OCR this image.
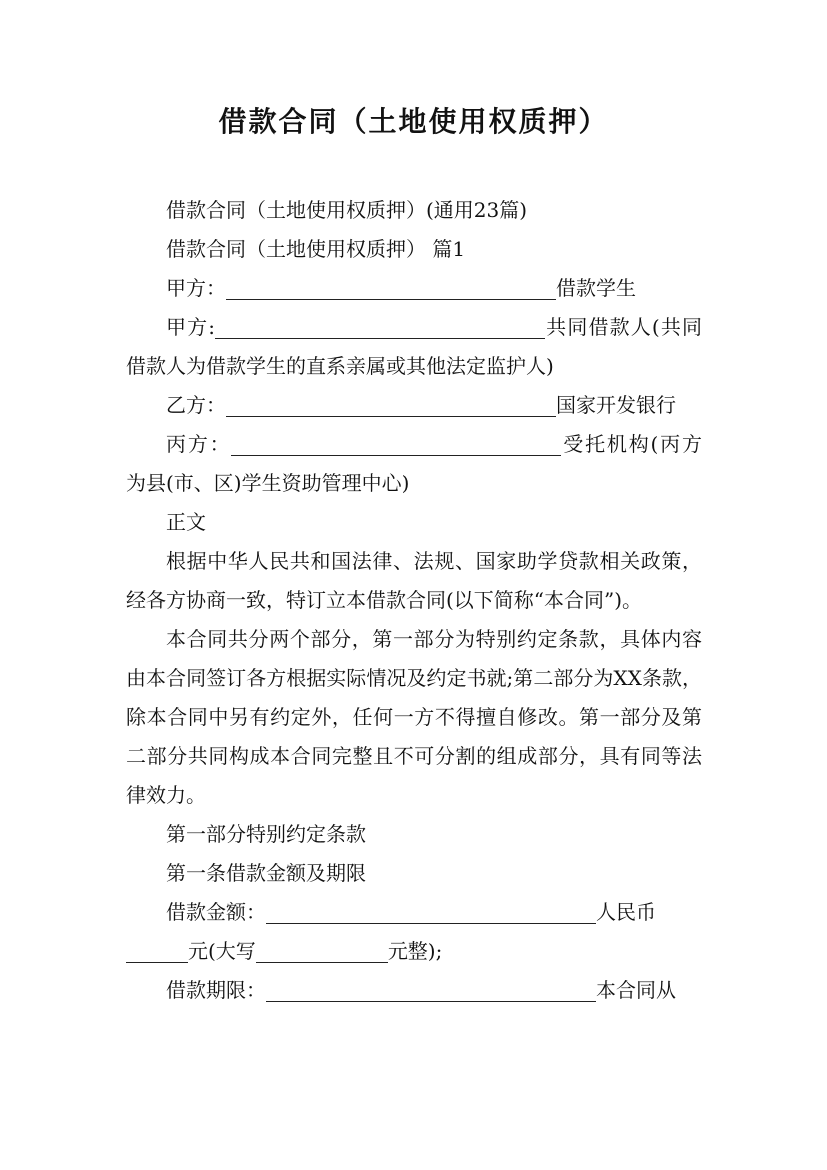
借款合同（土地使用权质押）

借款合同（土地使用权质押）(通用23篇)

借款合同（土地使用权质押） 篇1

甲方：	借款学生

甲方:	共同借款人(共同借款人为借款学生的直系亲属或其他法定监护人)

乙方：	国家开发银行

丙方：	受托机构(丙方为县(市、区)学生资助管理中心)

正文

根据中华人民共和国法律、法规、国家助学贷款相关政策，经各方协商一致，特订立本借款合同(以下简称“本合同”)。

本合同共分两个部分，第一部分为特别约定条款，具体内容由本合同签订各方根据实际情况及约定书就;第二部分为XX条款，除本合同中另有约定外，任何一方不得擅自修改。第一部分及第二部分共同构成本合同完整且不可分割的组成部分，具有同等法律效力。

第一部分特别约定条款

第一条借款金额及期限

借款金额：	人民币

元(大写	元整);

借款期限：	本合同从
